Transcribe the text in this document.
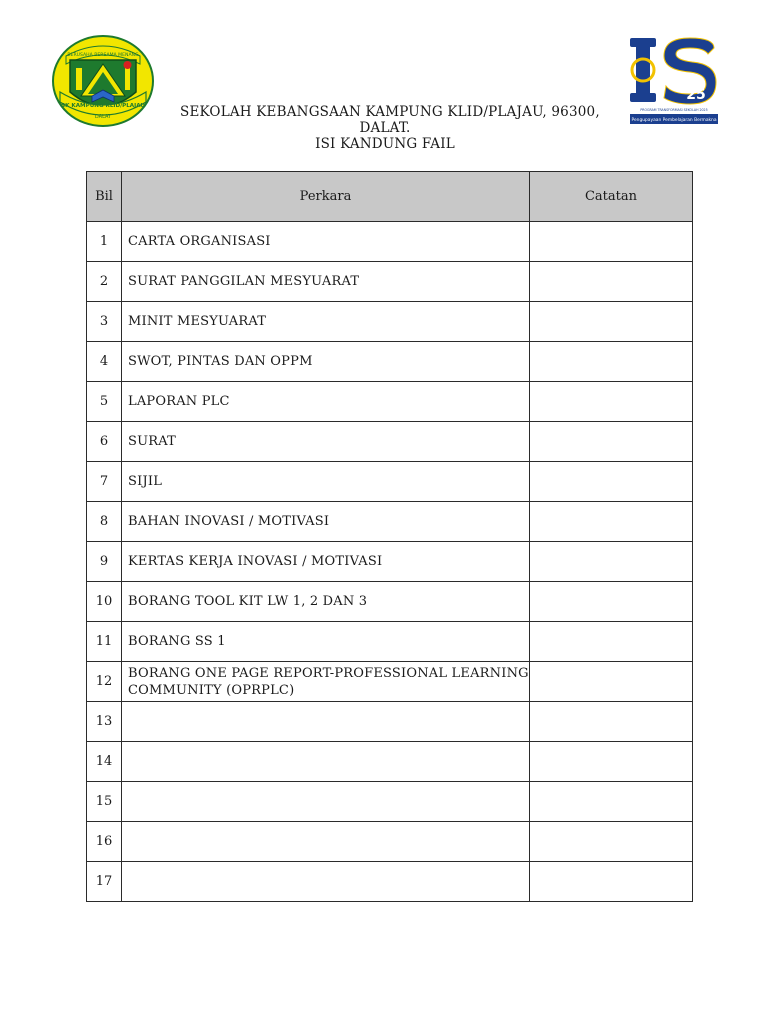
BERUSAHA BERSAMA MENANG
SK KAMPUNG KLID/PLAJAU
DALAT
25
PROGRAM TRANSFORMASI SEKOLAH 2025
Pengupayaan Pembelajaran Bermakna
SEKOLAH KEBANGSAAN KAMPUNG KLID/PLAJAU, 96300,
DALAT.
ISI KANDUNG FAIL
Bil	Perkara	Catatan
1	CARTA ORGANISASI	
2	SURAT PANGGILAN MESYUARAT	
3	MINIT MESYUARAT	
4	SWOT, PINTAS DAN OPPM	
5	LAPORAN PLC	
6	SURAT	
7	SIJIL	
8	BAHAN INOVASI / MOTIVASI	
9	KERTAS KERJA INOVASI / MOTIVASI	
10	BORANG TOOL KIT LW 1, 2 DAN 3	
11	BORANG SS 1	
12	BORANG ONE PAGE REPORT-PROFESSIONAL LEARNING COMMUNITY (OPRPLC)	
13		
14		
15		
16		
17		
